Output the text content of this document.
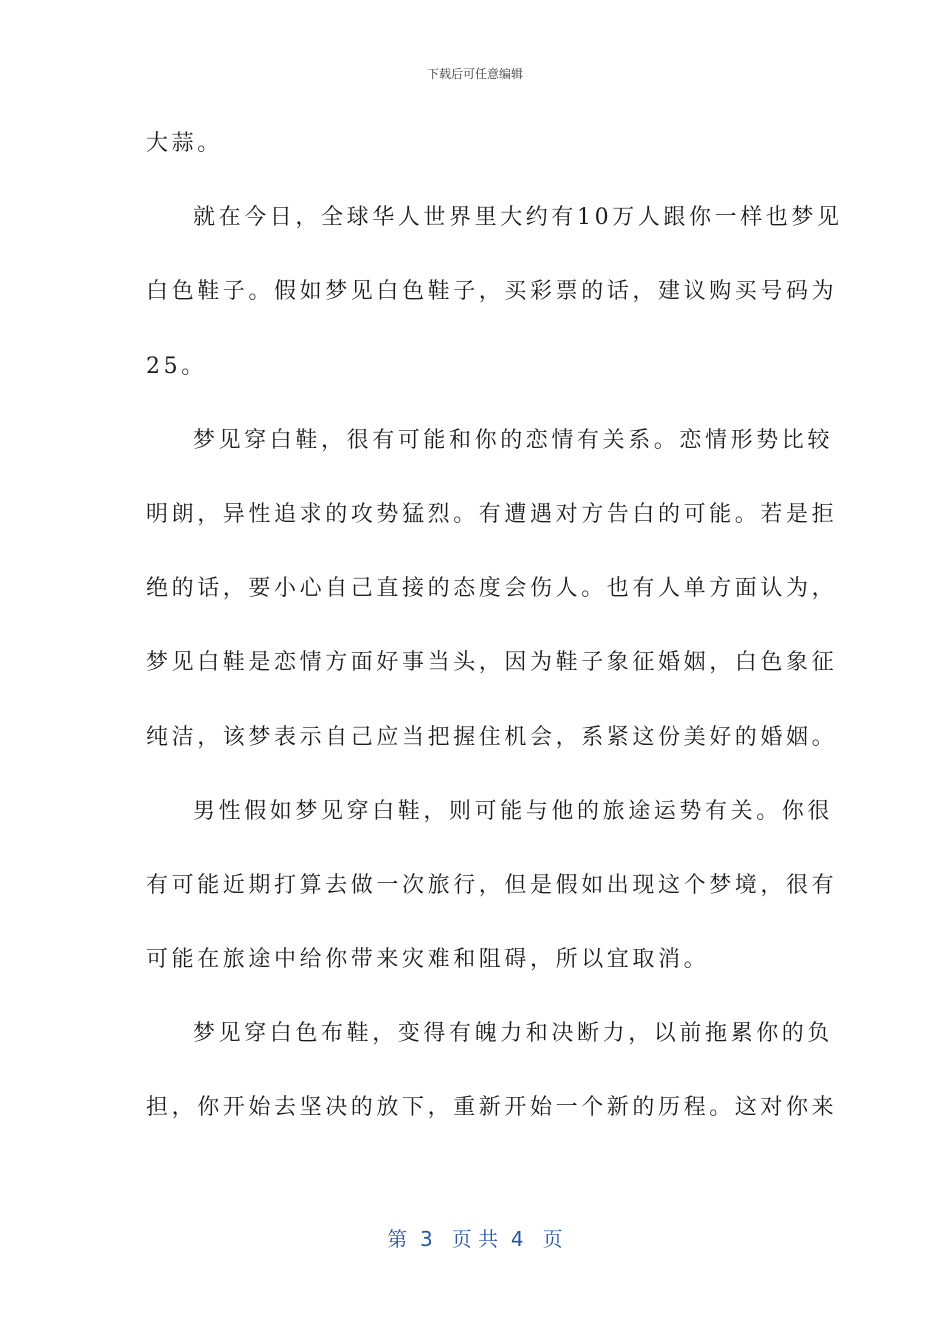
下载后可任意编辑
大蒜。
就在今日，全球华人世界里大约有10万人跟你一样也梦见
白色鞋子。假如梦见白色鞋子，买彩票的话，建议购买号码为
25。
梦见穿白鞋，很有可能和你的恋情有关系。恋情形势比较
明朗，异性追求的攻势猛烈。有遭遇对方告白的可能。若是拒
绝的话，要小心自己直接的态度会伤人。也有人单方面认为，
梦见白鞋是恋情方面好事当头，因为鞋子象征婚姻，白色象征
纯洁，该梦表示自己应当把握住机会，系紧这份美好的婚姻。
男性假如梦见穿白鞋，则可能与他的旅途运势有关。你很
有可能近期打算去做一次旅行，但是假如出现这个梦境，很有
可能在旅途中给你带来灾难和阻碍，所以宜取消。
梦见穿白色布鞋，变得有魄力和决断力，以前拖累你的负
担，你开始去坚决的放下，重新开始一个新的历程。这对你来
第  3   页 共  4   页
